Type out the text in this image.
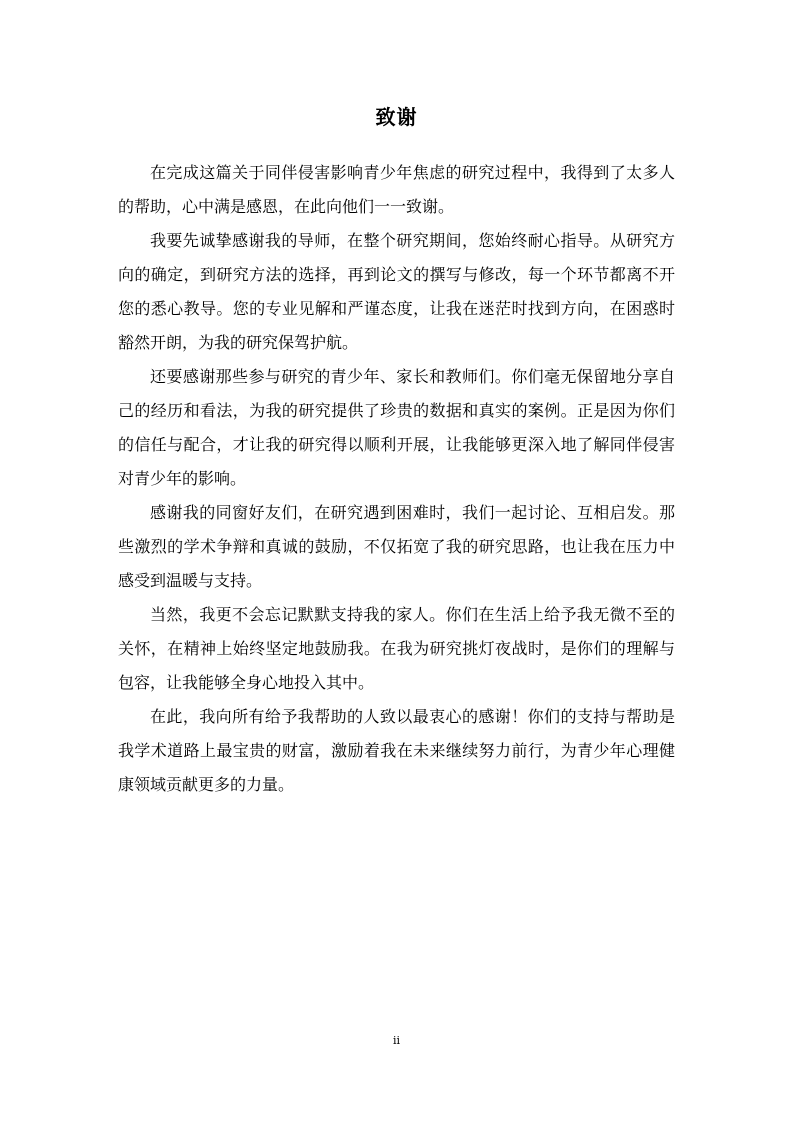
致谢

在完成这篇关于同伴侵害影响青少年焦虑的研究过程中，我得到了太多人的帮助，心中满是感恩，在此向他们一一致谢。

我要先诚挚感谢我的导师，在整个研究期间，您始终耐心指导。从研究方向的确定，到研究方法的选择，再到论文的撰写与修改，每一个环节都离不开您的悉心教导。您的专业见解和严谨态度，让我在迷茫时找到方向，在困惑时豁然开朗，为我的研究保驾护航。

还要感谢那些参与研究的青少年、家长和教师们。你们毫无保留地分享自己的经历和看法，为我的研究提供了珍贵的数据和真实的案例。正是因为你们的信任与配合，才让我的研究得以顺利开展，让我能够更深入地了解同伴侵害对青少年的影响。

感谢我的同窗好友们，在研究遇到困难时，我们一起讨论、互相启发。那些激烈的学术争辩和真诚的鼓励，不仅拓宽了我的研究思路，也让我在压力中感受到温暖与支持。

当然，我更不会忘记默默支持我的家人。你们在生活上给予我无微不至的关怀，在精神上始终坚定地鼓励我。在我为研究挑灯夜战时，是你们的理解与包容，让我能够全身心地投入其中。

在此，我向所有给予我帮助的人致以最衷心的感谢！你们的支持与帮助是我学术道路上最宝贵的财富，激励着我在未来继续努力前行，为青少年心理健康领域贡献更多的力量。

ii
